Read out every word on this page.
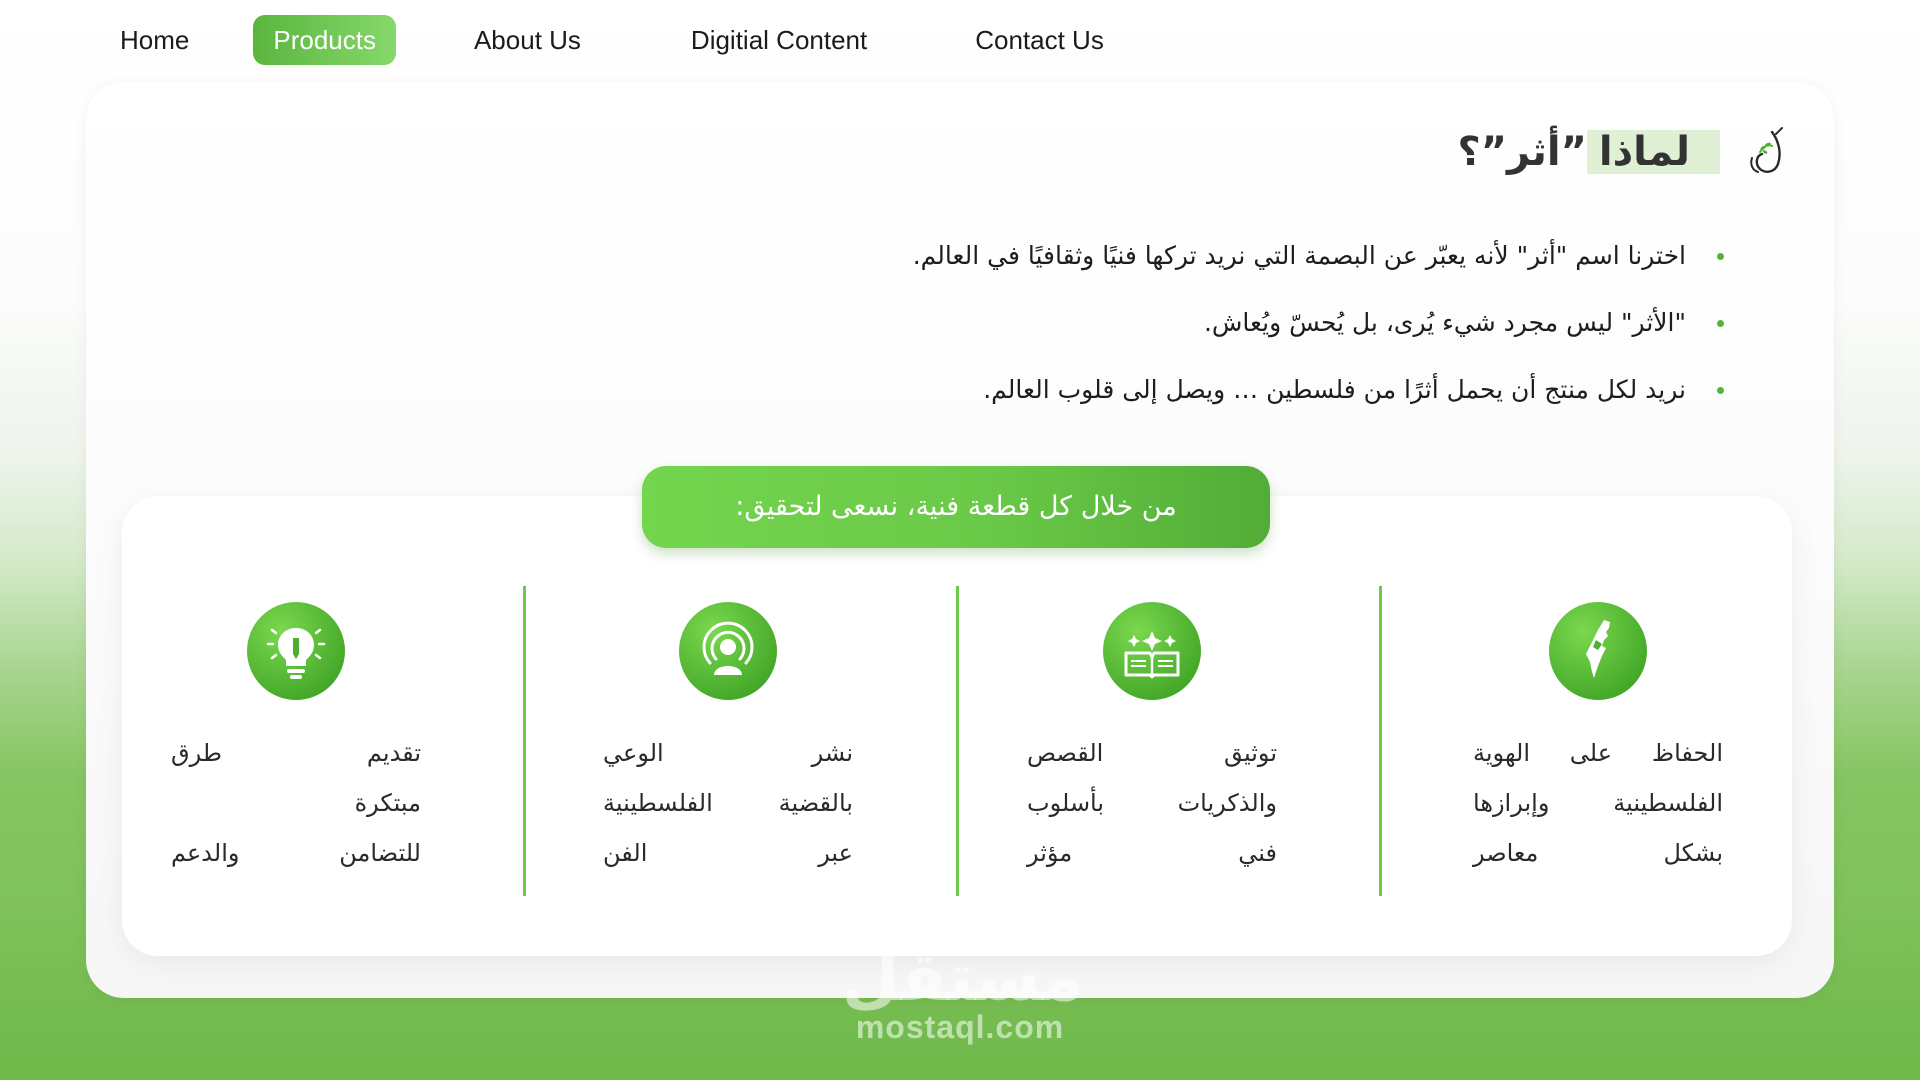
Home	Products	About Us	Digitial Content	Contact Us
لماذا
”أثر”؟
اخترنا اسم "أثر" لأنه يعبّر عن البصمة التي نريد تركها فنيًا وثقافيًا في العالم.
"الأثر" ليس مجرد شيء يُرى، بل يُحسّ ويُعاش.
نريد لكل منتج أن يحمل أثرًا من فلسطين … ويصل إلى قلوب العالم.
من خلال كل قطعة فنية، نسعى لتحقيق:
الحفاظ على الهوية
الفلسطينية وإبرازها
بشكل معاصر
توثيق القصص
والذكريات بأسلوب
فني مؤثر
نشر الوعي
بالقضية الفلسطينية
عبر الفن
تقديم طرق
مبتكرة
للتضامن والدعم
مستقل
mostaql.com
